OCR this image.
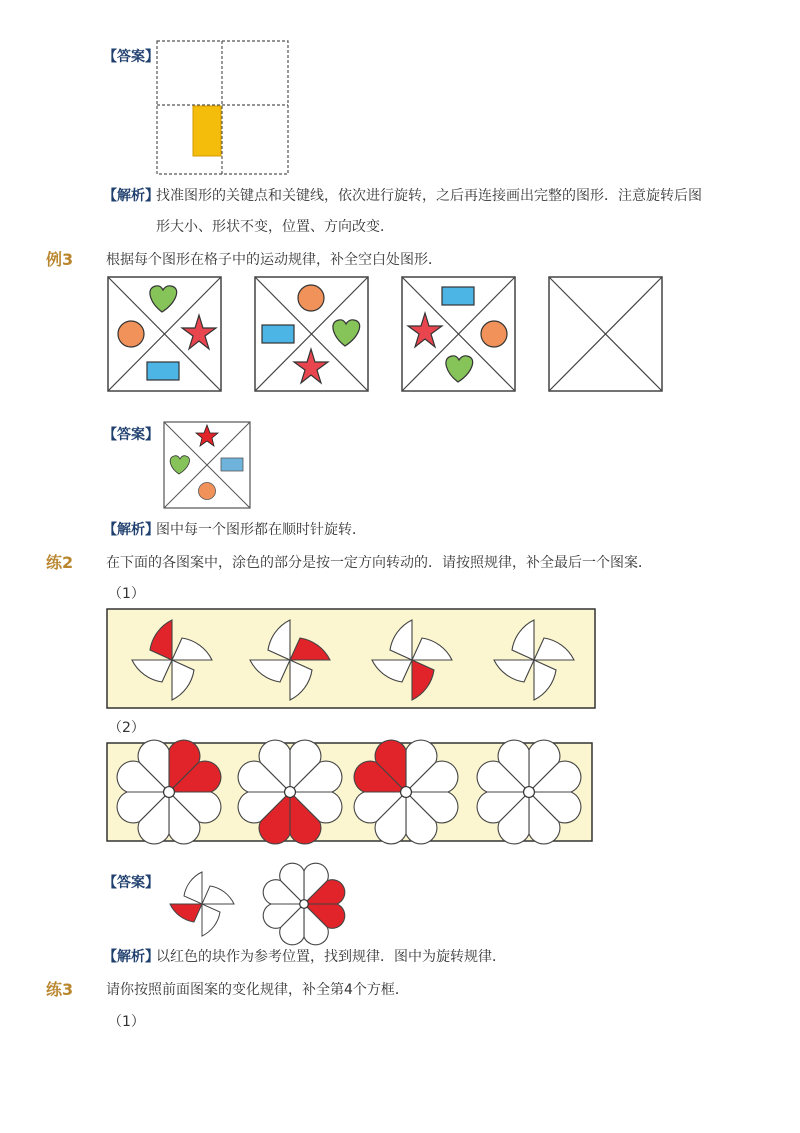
【答案】
【解析】
找准图形的关键点和关键线，依次进行旋转，之后再连接画出完整的图形．注意旋转后图
形大小、形状不变，位置、方向改变．
例3 根据每个图形在格子中的运动规律，补全空白处图形．
【答案】
【解析】
图中每一个图形都在顺时针旋转．
练2 在下面的各图案中，涂色的部分是按一定方向转动的．请按照规律，补全最后一个图案．
（1）
（2）
【答案】
【解析】
以红色的块作为参考位置，找到规律．图中为旋转规律．
练3 请你按照前面图案的变化规律，补全第4个方框．
（1）
